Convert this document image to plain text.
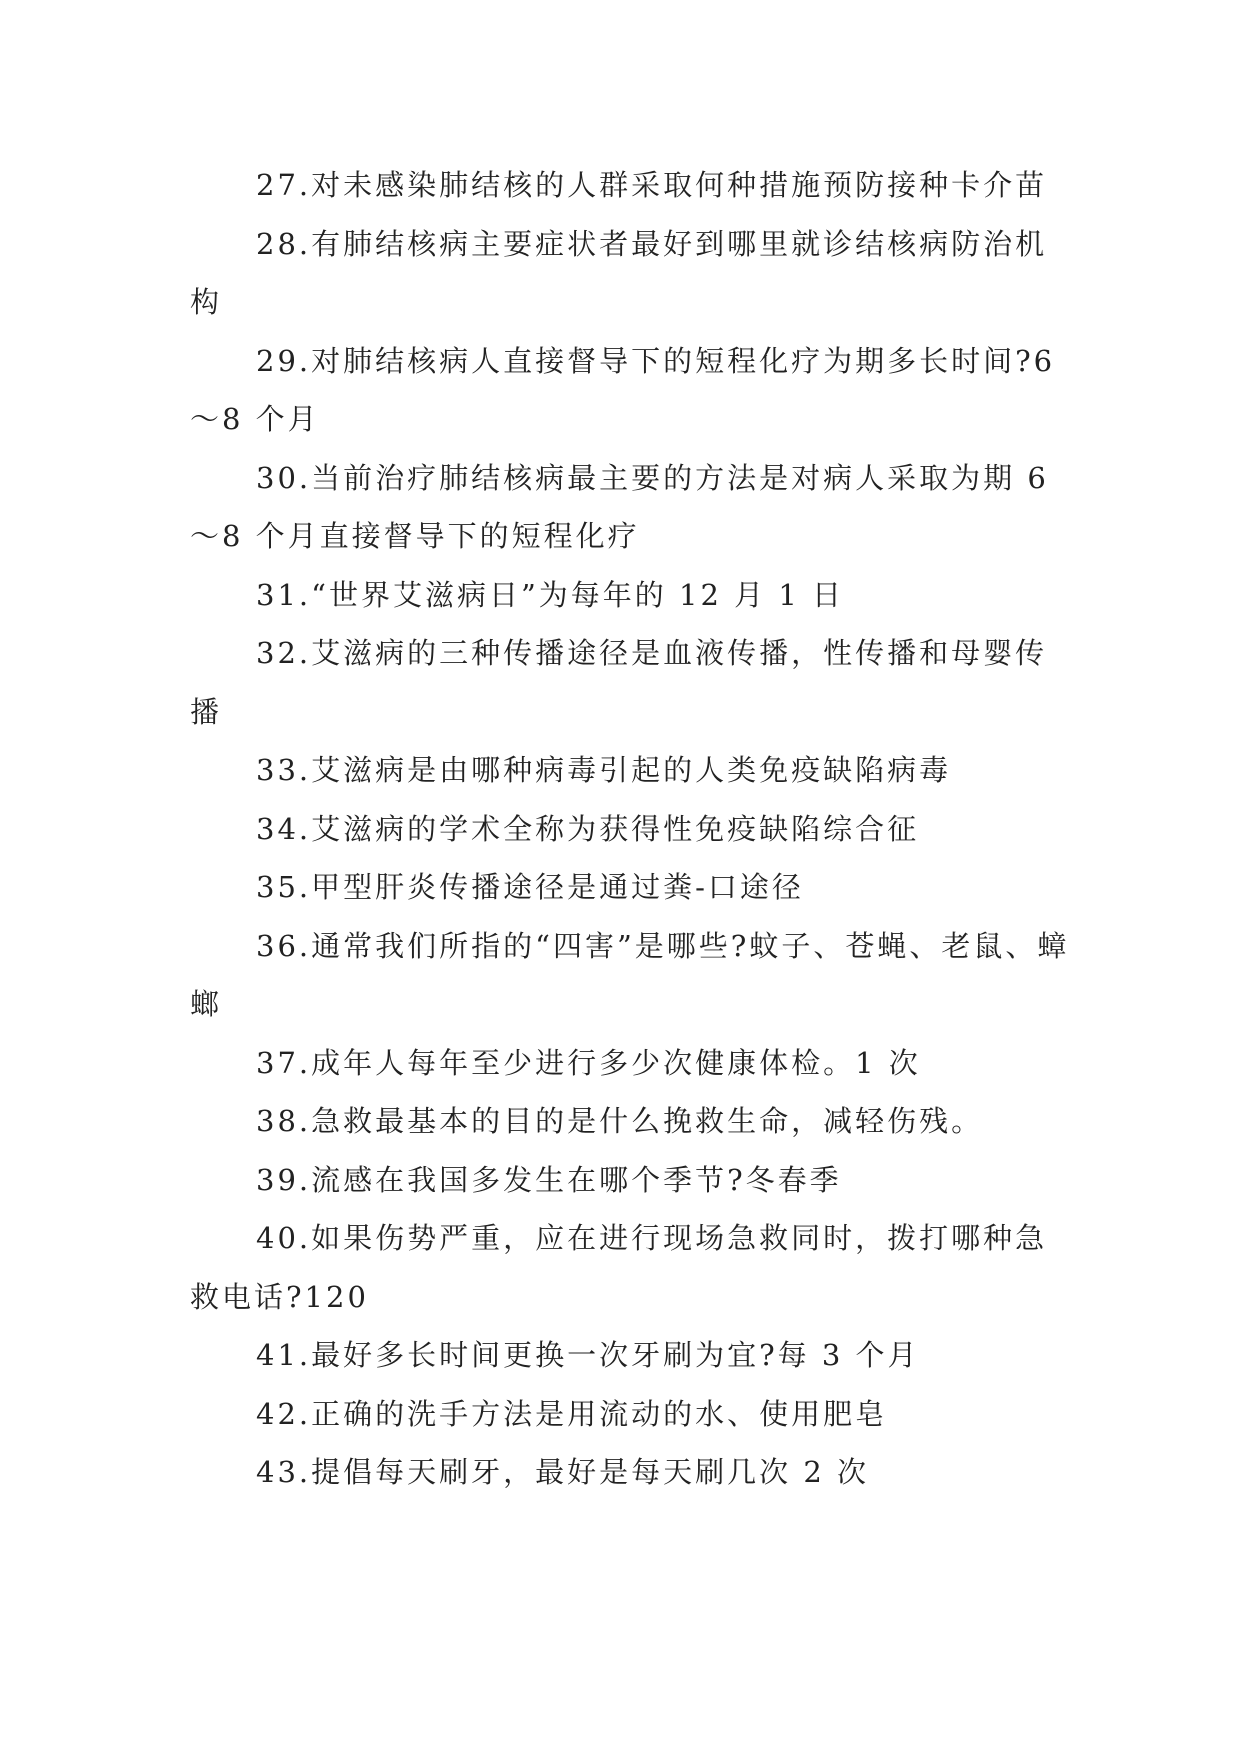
27.对未感染肺结核的人群采取何种措施预防接种卡介苗

28.有肺结核病主要症状者最好到哪里就诊结核病防治机构

29.对肺结核病人直接督导下的短程化疗为期多长时间?6～8 个月

30.当前治疗肺结核病最主要的方法是对病人采取为期 6～8 个月直接督导下的短程化疗

31.“世界艾滋病日”为每年的 12 月 1 日

32.艾滋病的三种传播途径是血液传播，性传播和母婴传播

33.艾滋病是由哪种病毒引起的人类免疫缺陷病毒

34.艾滋病的学术全称为获得性免疫缺陷综合征

35.甲型肝炎传播途径是通过粪-口途径

36.通常我们所指的“四害”是哪些?蚊子、苍蝇、老鼠、蟑螂

37.成年人每年至少进行多少次健康体检。1 次

38.急救最基本的目的是什么挽救生命，减轻伤残。

39.流感在我国多发生在哪个季节?冬春季

40.如果伤势严重，应在进行现场急救同时，拨打哪种急救电话?120

41.最好多长时间更换一次牙刷为宜?每 3 个月

42.正确的洗手方法是用流动的水、使用肥皂

43.提倡每天刷牙，最好是每天刷几次 2 次
